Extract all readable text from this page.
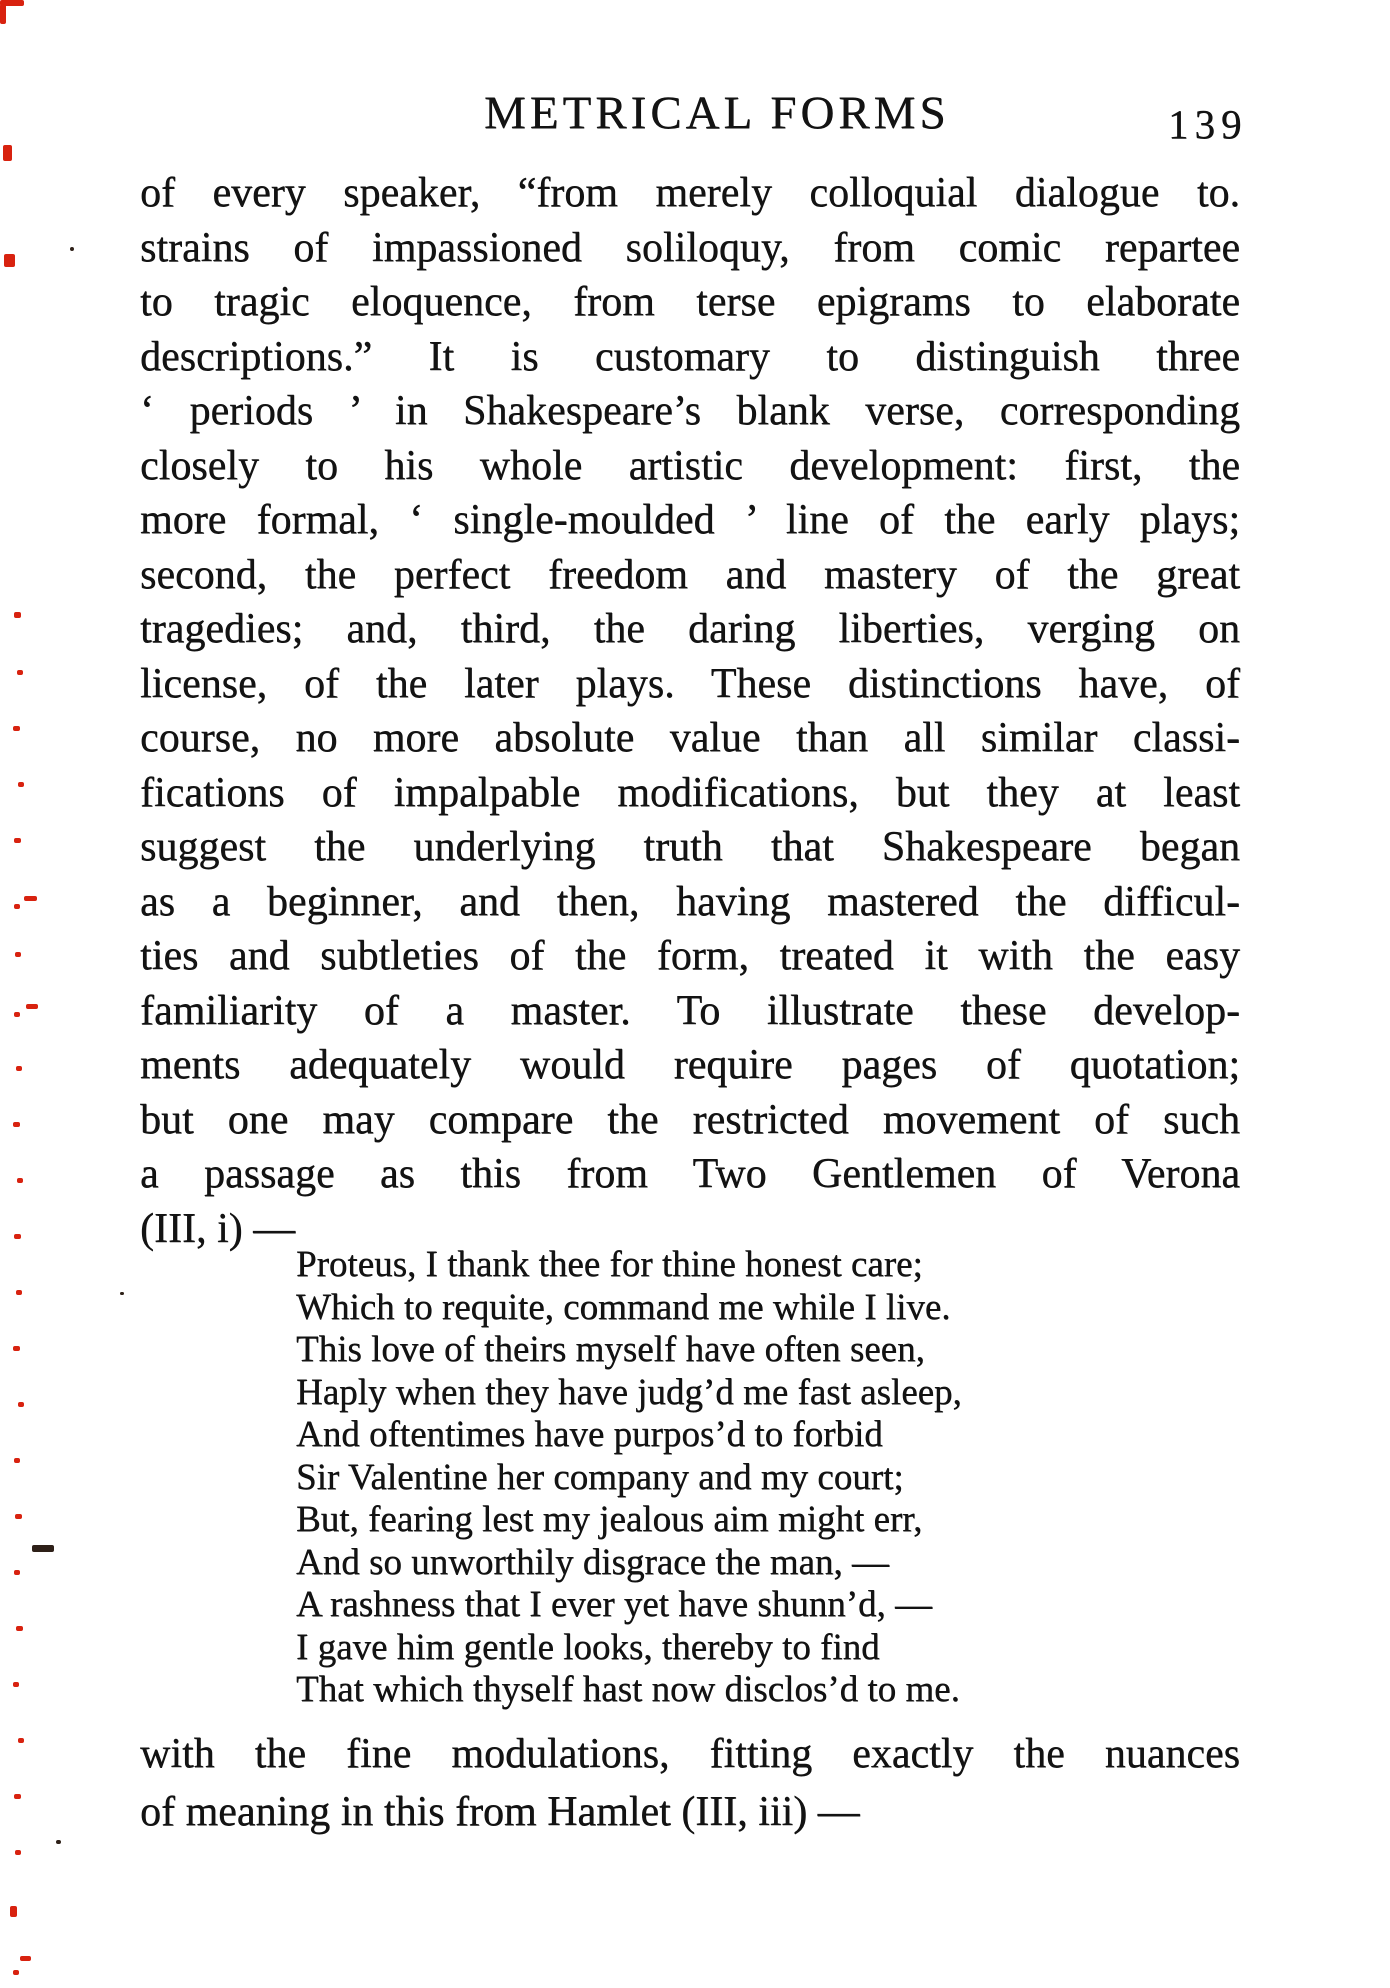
METRICAL FORMS	139
of every speaker, “from merely colloquial dialogue to.
strains of impassioned soliloquy, from comic repartee
to tragic eloquence, from terse epigrams to elaborate
descriptions.” It is customary to distinguish three
‘ periods ’ in Shakespeare’s blank verse, corresponding
closely to his whole artistic development: first, the
more formal, ‘ single-moulded ’ line of the early plays;
second, the perfect freedom and mastery of the great
tragedies; and, third, the daring liberties, verging on
license, of the later plays. These distinctions have, of
course, no more absolute value than all similar classi-
fications of impalpable modifications, but they at least
suggest the underlying truth that Shakespeare began
as a beginner, and then, having mastered the difficul-
ties and subtleties of the form, treated it with the easy
familiarity of a master. To illustrate these develop-
ments adequately would require pages of quotation;
but one may compare the restricted movement of such
a passage as this from Two Gentlemen of Verona
(III, i) —
Proteus, I thank thee for thine honest care;
Which to requite, command me while I live.
This love of theirs myself have often seen,
Haply when they have judg’d me fast asleep,
And oftentimes have purpos’d to forbid
Sir Valentine her company and my court;
But, fearing lest my jealous aim might err,
And so unworthily disgrace the man, —
A rashness that I ever yet have shunn’d, —
I gave him gentle looks, thereby to find
That which thyself hast now disclos’d to me.
with the fine modulations, fitting exactly the nuances
of meaning in this from Hamlet (III, iii) —
